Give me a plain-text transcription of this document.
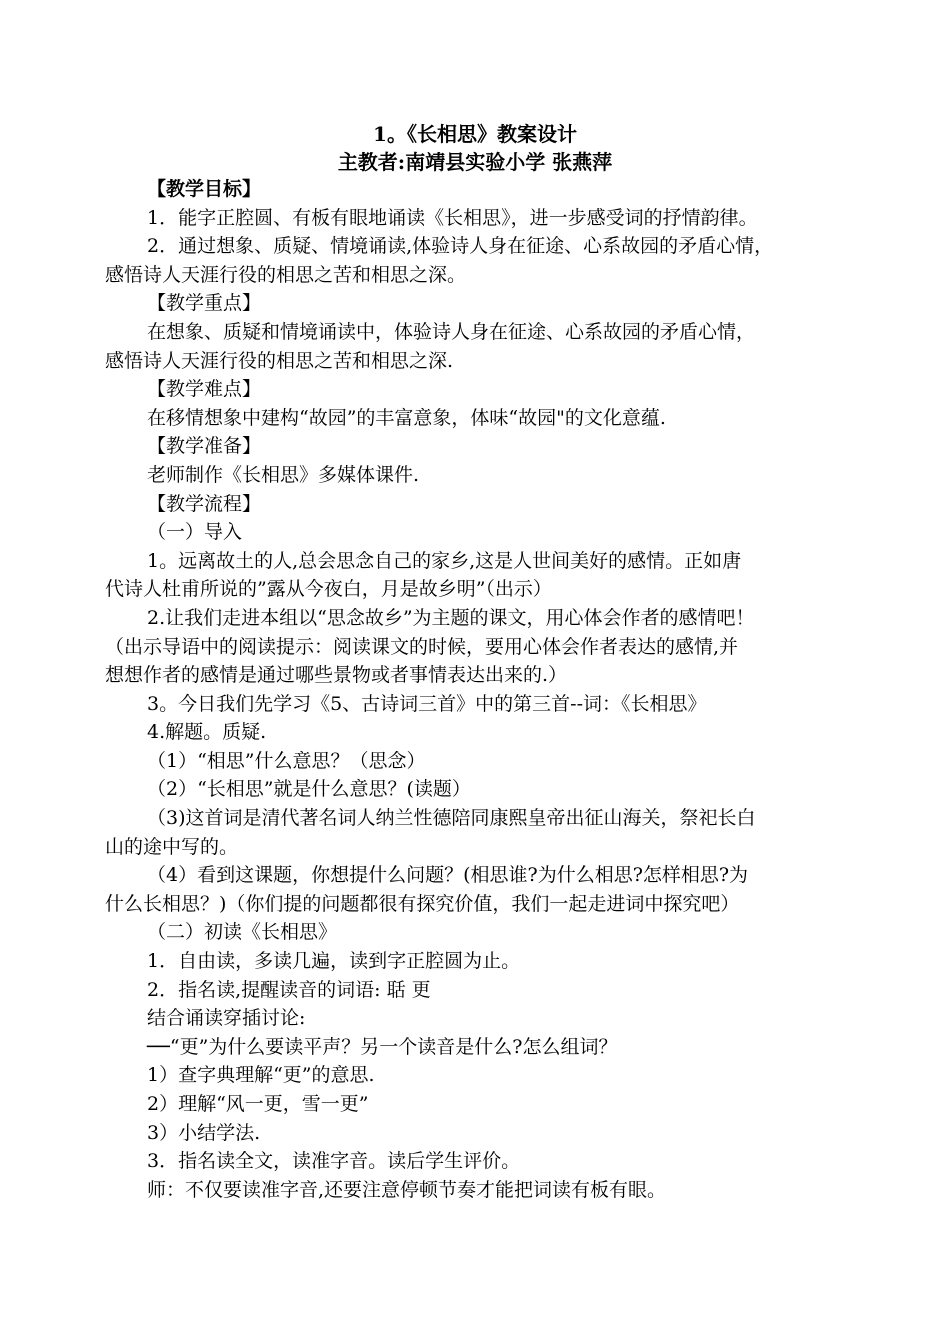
1。《长相思》教案设计

主教者:南靖县实验小学 张燕萍

【教学目标】

1．能字正腔圆、有板有眼地诵读《长相思》，进一步感受词的抒情韵律。

2．通过想象、质疑、情境诵读,体验诗人身在征途、心系故园的矛盾心情，

感悟诗人天涯行役的相思之苦和相思之深。

【教学重点】

在想象、质疑和情境诵读中，体验诗人身在征途、心系故园的矛盾心情，

感悟诗人天涯行役的相思之苦和相思之深.

【教学难点】

在移情想象中建构“故园”的丰富意象，体味“故园"的文化意蕴.

【教学准备】

老师制作《长相思》多媒体课件.

【教学流程】

（一）导入

1。远离故土的人,总会思念自己的家乡,这是人世间美好的感情。正如唐

代诗人杜甫所说的”露从今夜白，月是故乡明”（出示）

2.让我们走进本组以“思念故乡”为主题的课文，用心体会作者的感情吧！

（出示导语中的阅读提示：阅读课文的时候，要用心体会作者表达的感情,并

想想作者的感情是通过哪些景物或者事情表达出来的.）

3。今日我们先学习《5、古诗词三首》中的第三首--词：《长相思》

4.解题。质疑.

（1）“相思”什么意思？（思念）

（2）“长相思”就是什么意思？(读题）

（3)这首词是清代著名词人纳兰性德陪同康熙皇帝出征山海关，祭祀长白

山的途中写的。

（4）看到这课题，你想提什么问题？(相思谁?为什么相思?怎样相思?为

什么长相思？)（你们提的问题都很有探究价值，我们一起走进词中探究吧）

（二）初读《长相思》

1．自由读，多读几遍，读到字正腔圆为止。

2．指名读,提醒读音的词语: 聒 更

结合诵读穿插讨论:

──“更”为什么要读平声？另一个读音是什么?怎么组词？

1）查字典理解“更”的意思.

2）理解“风一更，雪一更”

3）小结学法.

3．指名读全文，读准字音。读后学生评价。

师：不仅要读准字音,还要注意停顿节奏才能把词读有板有眼。
